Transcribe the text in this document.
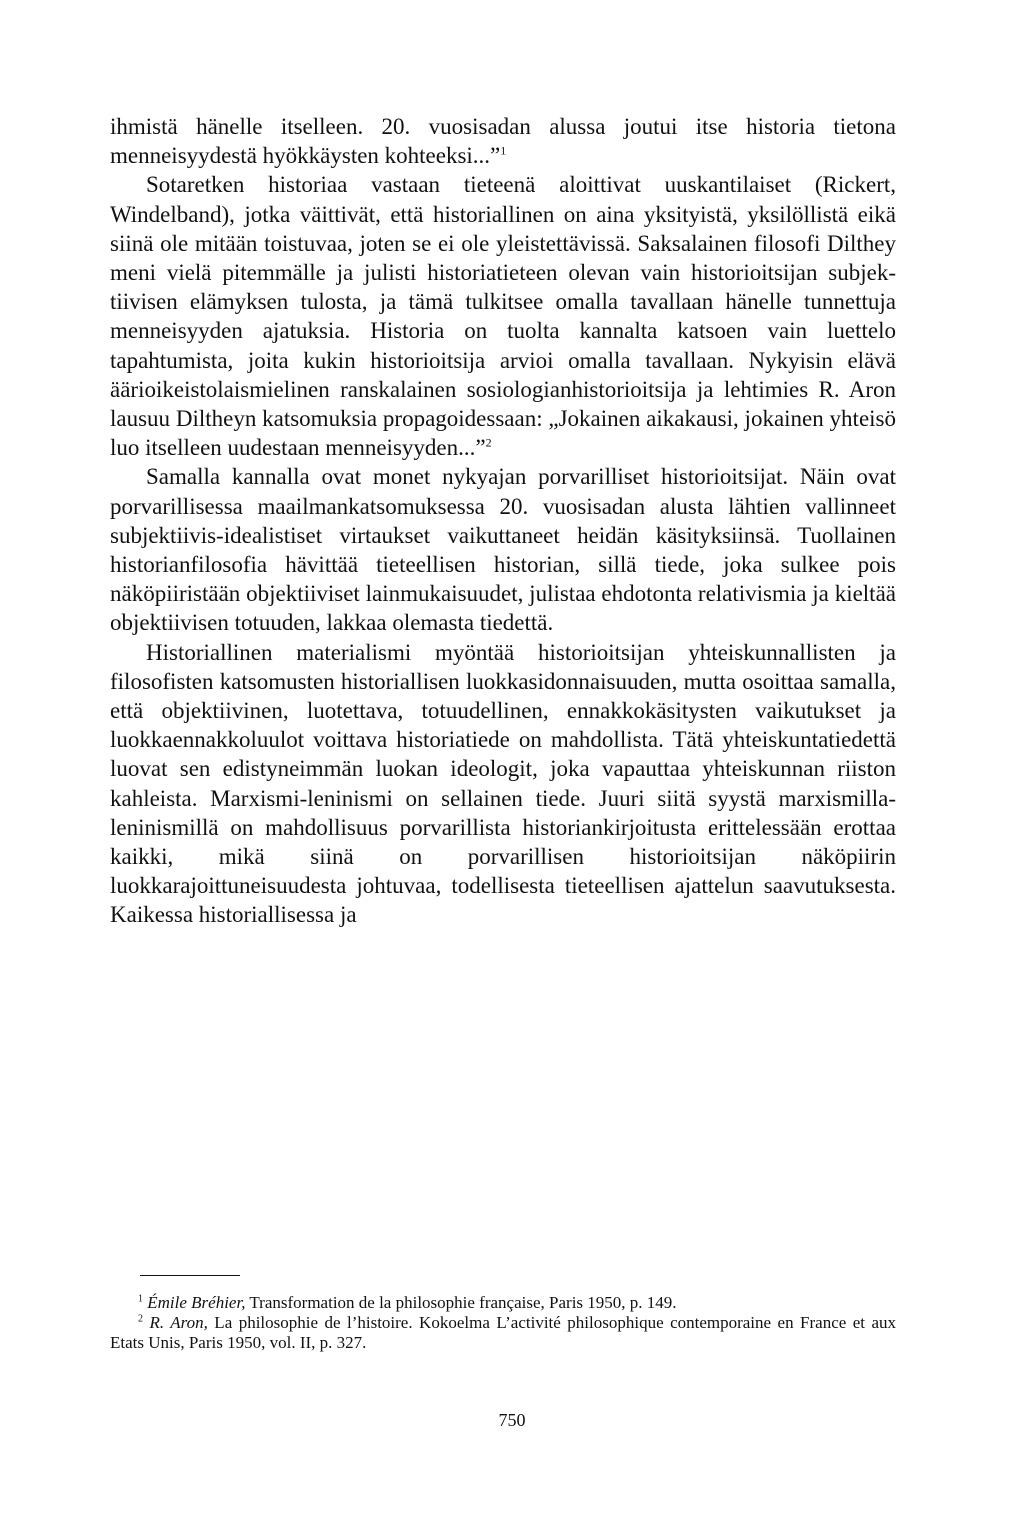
ihmistä hänelle itselleen. 20. vuosisadan alussa joutui itse historia tietona menneisyydestä hyökkäysten kohteeksi...”$^1$

Sotaretken historiaa vastaan tieteenä aloittivat uuskantilaiset (Rickert, Windelband), jotka väittivät, että historiallinen on aina yksityistä, yksilöllistä eikä siinä ole mitään toistuvaa, joten se ei ole yleistettävissä. Saksalainen filosofi Dilthey meni vielä pitemmälle ja julisti historiatieteen olevan vain historioitsijan subjektiivisen elämyksen tulosta, ja tämä tulkitsee omalla tavallaan hänelle tunnettuja menneisyyden ajatuksia. Historia on tuolta kannalta katsoen vain luettelo tapahtumista, joita kukin historioitsija arvioi omalla tavallaan. Nykyisin elävä äärioikeistolaismielinen ranskalainen sosiologianhistorioitsija ja lehtimies R. Aron lausuu Diltheyn katsomuksia propagoidessaan: „Jokainen aikakausi, jokainen yhteisö luo itselleen uudestaan menneisyyden...”$^2$

Samalla kannalla ovat monet nykyajan porvarilliset historioitsijat. Näin ovat porvarillisessa maailmankatsomuksessa 20. vuosisadan alusta lähtien vallinneet subjektiivis-idealistiset virtaukset vaikuttaneet heidän käsityksiinsä. Tuollainen historianfilosofia hävittää tieteellisen historian, sillä tiede, joka sulkee pois näköpiiristään objektiiviset lainmukaisuudet, julistaa ehdotonta relativismia ja kieltää objektiivisen totuuden, lakkaa olemasta tiedettä.

Historiallinen materialismi myöntää historioitsijan yhteiskunnallisten ja filosofisten katsomusten historiallisen luokkasidonnaisuuden, mutta osoittaa samalla, että objektiivinen, luotettava, totuudellinen, ennakkokäsitysten vaikutukset ja luokkaennakkoluulot voittava historiatiede on mahdollista. Tätä yhteiskuntatiedettä luovat sen edistyneimmän luokan ideologit, joka vapauttaa yhteiskunnan riiston kahleista. Marxismi-leninismi on sellainen tiede. Juuri siitä syystä marxismilla-leninismillä on mahdollisuus porvarillista historiankirjoitusta erittelessään erottaa kaikki, mikä siinä on porvarillisen historioitsijan näköpiirin luokkarajoittuneisuudesta johtuvaa, todellisesta tieteellisen ajattelun saavutuksesta. Kaikessa historiallisessa ja

$^1$ Émile Bréhier, Transformation de la philosophie française, Paris 1950, p. 149.

$^2$ R. Aron, La philosophie de l’histoire. Kokoelma L’activité philosophique contemporaine en France et aux Etats Unis, Paris 1950, vol. II, p. 327.

750
